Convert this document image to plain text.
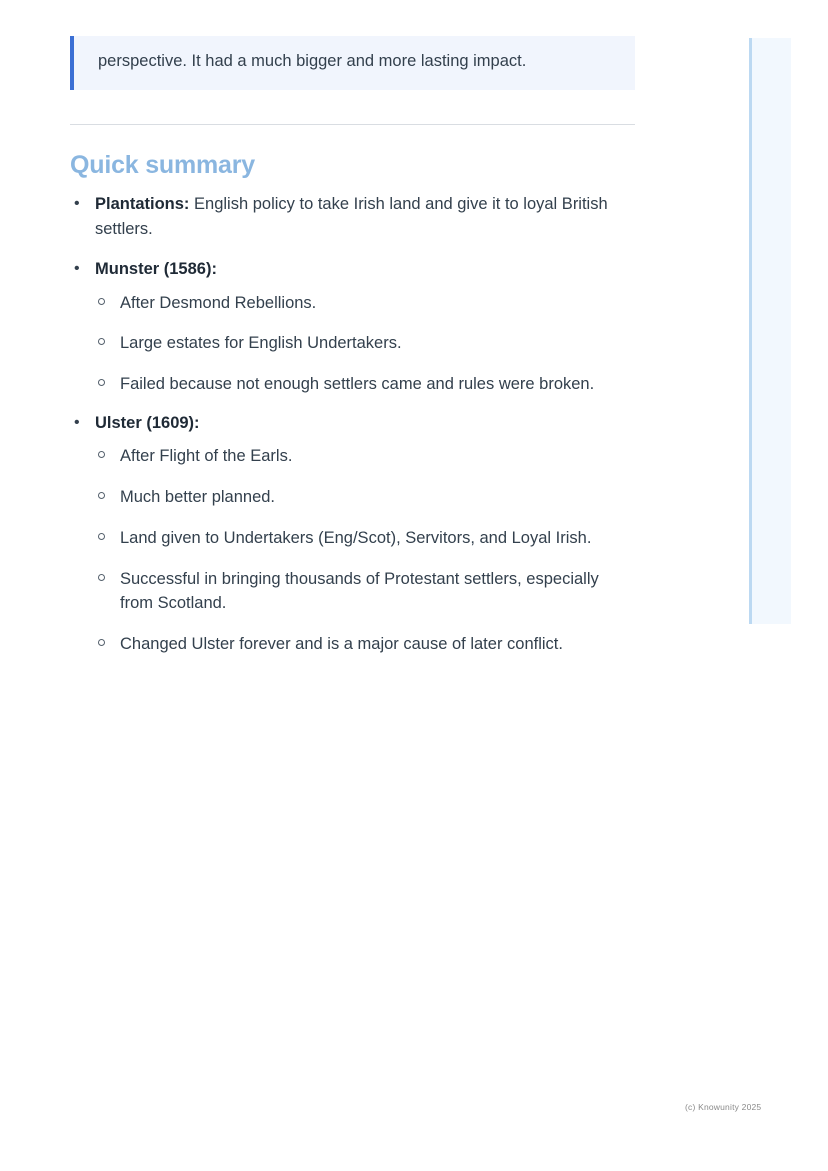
perspective. It had a much bigger and more lasting impact.

Quick summary
• Plantations: English policy to take Irish land and give it to loyal British settlers.
• Munster (1586):
After Desmond Rebellions.
Large estates for English Undertakers.
Failed because not enough settlers came and rules were broken.
• Ulster (1609):
After Flight of the Earls.
Much better planned.
Land given to Undertakers (Eng/Scot), Servitors, and Loyal Irish.
Successful in bringing thousands of Protestant settlers, especially from Scotland.
Changed Ulster forever and is a major cause of later conflict.
(c) Knowunity 2025
